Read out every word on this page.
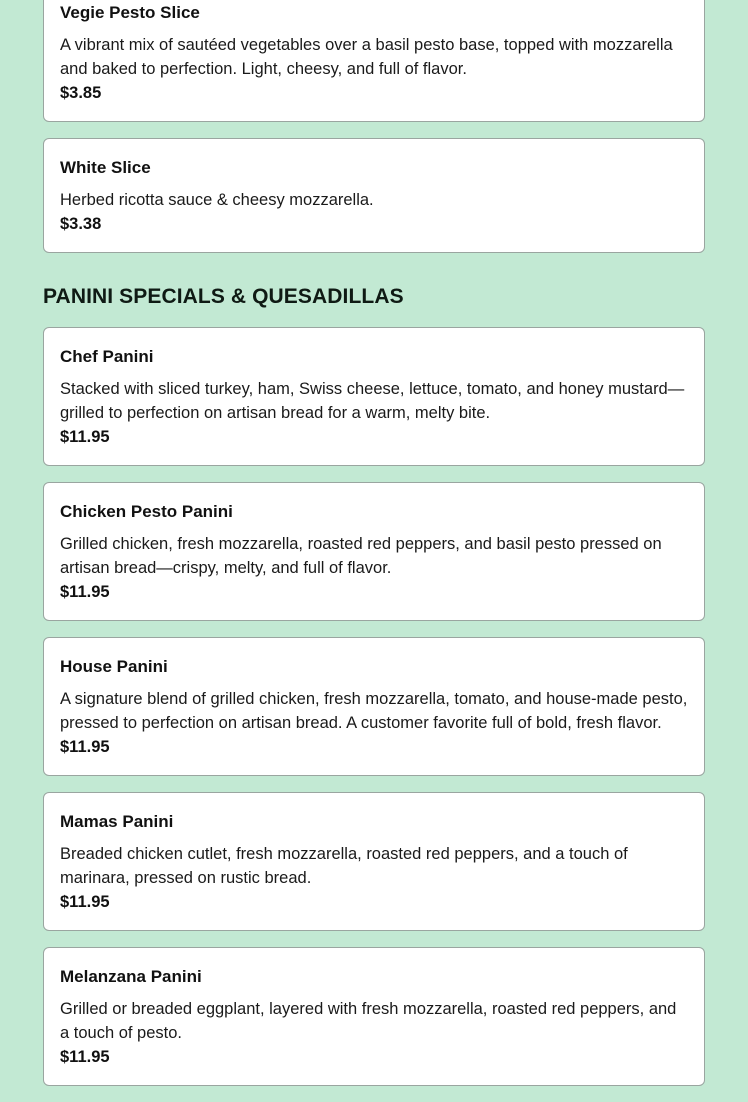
Vegie Pesto Slice
A vibrant mix of sautéed vegetables over a basil pesto base, topped with mozzarella and baked to perfection. Light, cheesy, and full of flavor.
$3.85
White Slice
Herbed ricotta sauce & cheesy mozzarella.
$3.38
PANINI SPECIALS & QUESADILLAS
Chef Panini
Stacked with sliced turkey, ham, Swiss cheese, lettuce, tomato, and honey mustard—grilled to perfection on artisan bread for a warm, melty bite.
$11.95
Chicken Pesto Panini
Grilled chicken, fresh mozzarella, roasted red peppers, and basil pesto pressed on artisan bread—crispy, melty, and full of flavor.
$11.95
House Panini
A signature blend of grilled chicken, fresh mozzarella, tomato, and house-made pesto, pressed to perfection on artisan bread. A customer favorite full of bold, fresh flavor.
$11.95
Mamas Panini
Breaded chicken cutlet, fresh mozzarella, roasted red peppers, and a touch of marinara, pressed on rustic bread.
$11.95
Melanzana Panini
Grilled or breaded eggplant, layered with fresh mozzarella, roasted red peppers, and a touch of pesto.
$11.95
